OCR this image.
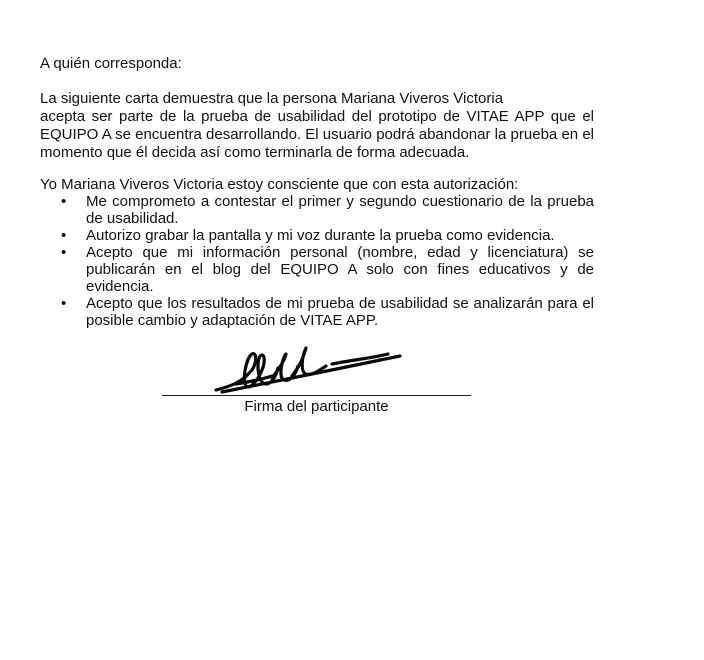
A quién corresponda:
La siguiente carta demuestra que la persona Mariana Viveros Victoria

acepta ser parte de la prueba de usabilidad del prototipo de VITAE APP que el EQUIPO A se encuentra desarrollando. El usuario podrá abandonar la prueba en el momento que él decida así como terminarla de forma adecuada.
Yo Mariana Viveros Victoria estoy consciente que con esta autorización:
• Me comprometo a contestar el primer y segundo cuestionario de la prueba de usabilidad.
• Autorizo grabar la pantalla y mi voz durante la prueba como evidencia.
• Acepto que mi información personal (nombre, edad y licenciatura) se publicarán en el blog del EQUIPO A solo con fines educativos y de evidencia.
• Acepto que los resultados de mi prueba de usabilidad se analizarán para el posible cambio y adaptación de VITAE APP.
Firma del participante
